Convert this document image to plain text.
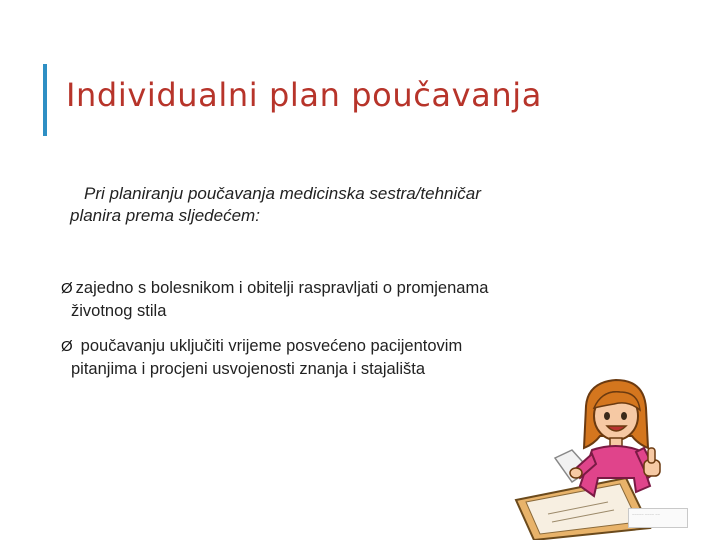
Individualni plan poučavanja
Pri planiranju poučavanja medicinska sestra/tehničar
planira prema sljedećem:
Ø zajedno s bolesnikom i obitelji raspravljati o promjenama
životnog stila
Ø poučavanju uključiti vrijeme posvećeno pacijentovim
pitanjima i procjeni usvojenosti znanja i stajališta
~~~~~ ~~~~ ~~
